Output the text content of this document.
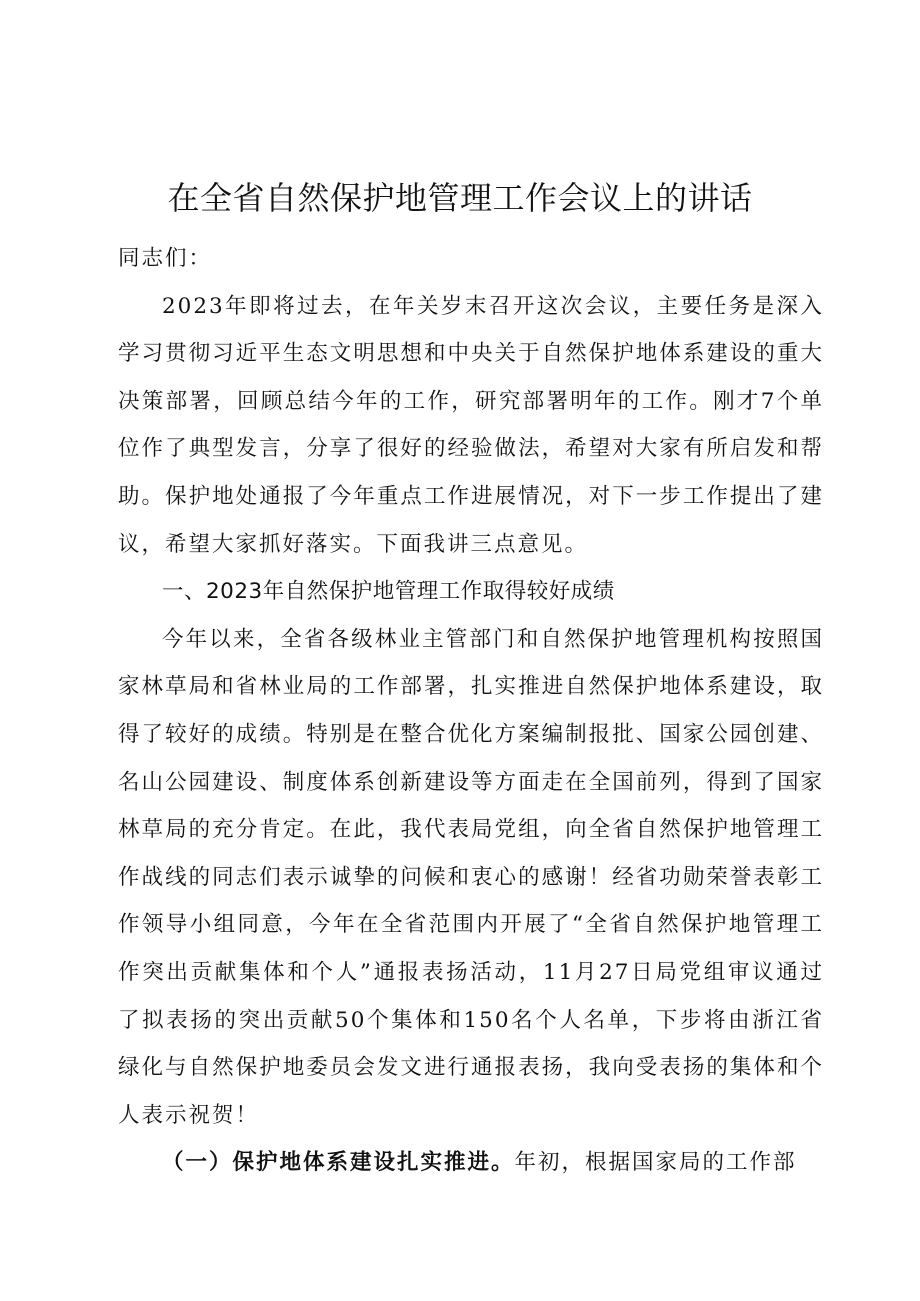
在全省自然保护地管理工作会议上的讲话

同志们：

2023年即将过去，在年关岁末召开这次会议，主要任务是深入学习贯彻习近平生态文明思想和中央关于自然保护地体系建设的重大决策部署，回顾总结今年的工作，研究部署明年的工作。刚才7个单位作了典型发言，分享了很好的经验做法，希望对大家有所启发和帮助。保护地处通报了今年重点工作进展情况，对下一步工作提出了建议，希望大家抓好落实。下面我讲三点意见。

一、2023年自然保护地管理工作取得较好成绩

今年以来，全省各级林业主管部门和自然保护地管理机构按照国家林草局和省林业局的工作部署，扎实推进自然保护地体系建设，取得了较好的成绩。特别是在整合优化方案编制报批、国家公园创建、名山公园建设、制度体系创新建设等方面走在全国前列，得到了国家林草局的充分肯定。在此，我代表局党组，向全省自然保护地管理工作战线的同志们表示诚挚的问候和衷心的感谢！经省功勋荣誉表彰工作领导小组同意，今年在全省范围内开展了“全省自然保护地管理工作突出贡献集体和个人”通报表扬活动，11月27日局党组审议通过了拟表扬的突出贡献50个集体和150名个人名单，下步将由浙江省绿化与自然保护地委员会发文进行通报表扬，我向受表扬的集体和个人表示祝贺！

（一）保护地体系建设扎实推进。年初，根据国家局的工作部
